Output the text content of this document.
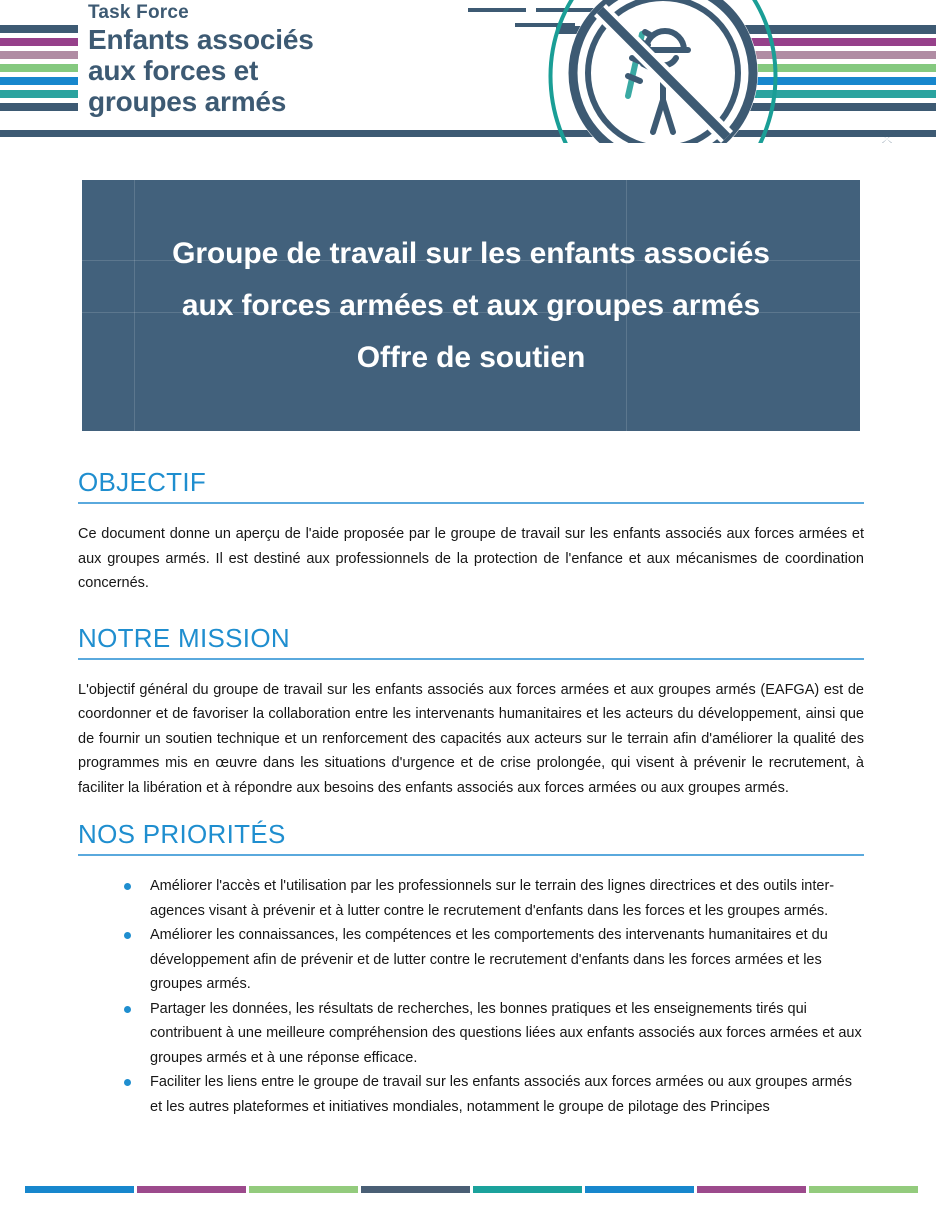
Task Force
Enfants associés
aux forces et
groupes armés
Groupe de travail sur les enfants associés
aux forces armées et aux groupes armés
Offre de soutien
OBJECTIF

Ce document donne un aperçu de l'aide proposée par le groupe de travail sur les enfants associés aux forces armées et aux groupes armés. Il est destiné aux professionnels de la protection de l'enfance et aux mécanismes de coordination concernés.

NOTRE MISSION

L'objectif général du groupe de travail sur les enfants associés aux forces armées et aux groupes armés (EAFGA) est de coordonner et de favoriser la collaboration entre les intervenants humanitaires et les acteurs du développement, ainsi que de fournir un soutien technique et un renforcement des capacités aux acteurs sur le terrain afin d'améliorer la qualité des programmes mis en œuvre dans les situations d'urgence et de crise prolongée, qui visent à prévenir le recrutement, à faciliter la libération et à répondre aux besoins des enfants associés aux forces armées ou aux groupes armés.

NOS PRIORITÉS
Améliorer l'accès et l'utilisation par les professionnels sur le terrain des lignes directrices et des outils inter-agences visant à prévenir et à lutter contre le recrutement d'enfants dans les forces et les groupes armés.
Améliorer les connaissances, les compétences et les comportements des intervenants humanitaires et du développement afin de prévenir et de lutter contre le recrutement d'enfants dans les forces armées et les groupes armés.
Partager les données, les résultats de recherches, les bonnes pratiques et les enseignements tirés qui contribuent à une meilleure compréhension des questions liées aux enfants associés aux forces armées et aux groupes armés et à une réponse efficace.
Faciliter les liens entre le groupe de travail sur les enfants associés aux forces armées ou aux groupes armés et les autres plateformes et initiatives mondiales, notamment le groupe de pilotage des Principes
